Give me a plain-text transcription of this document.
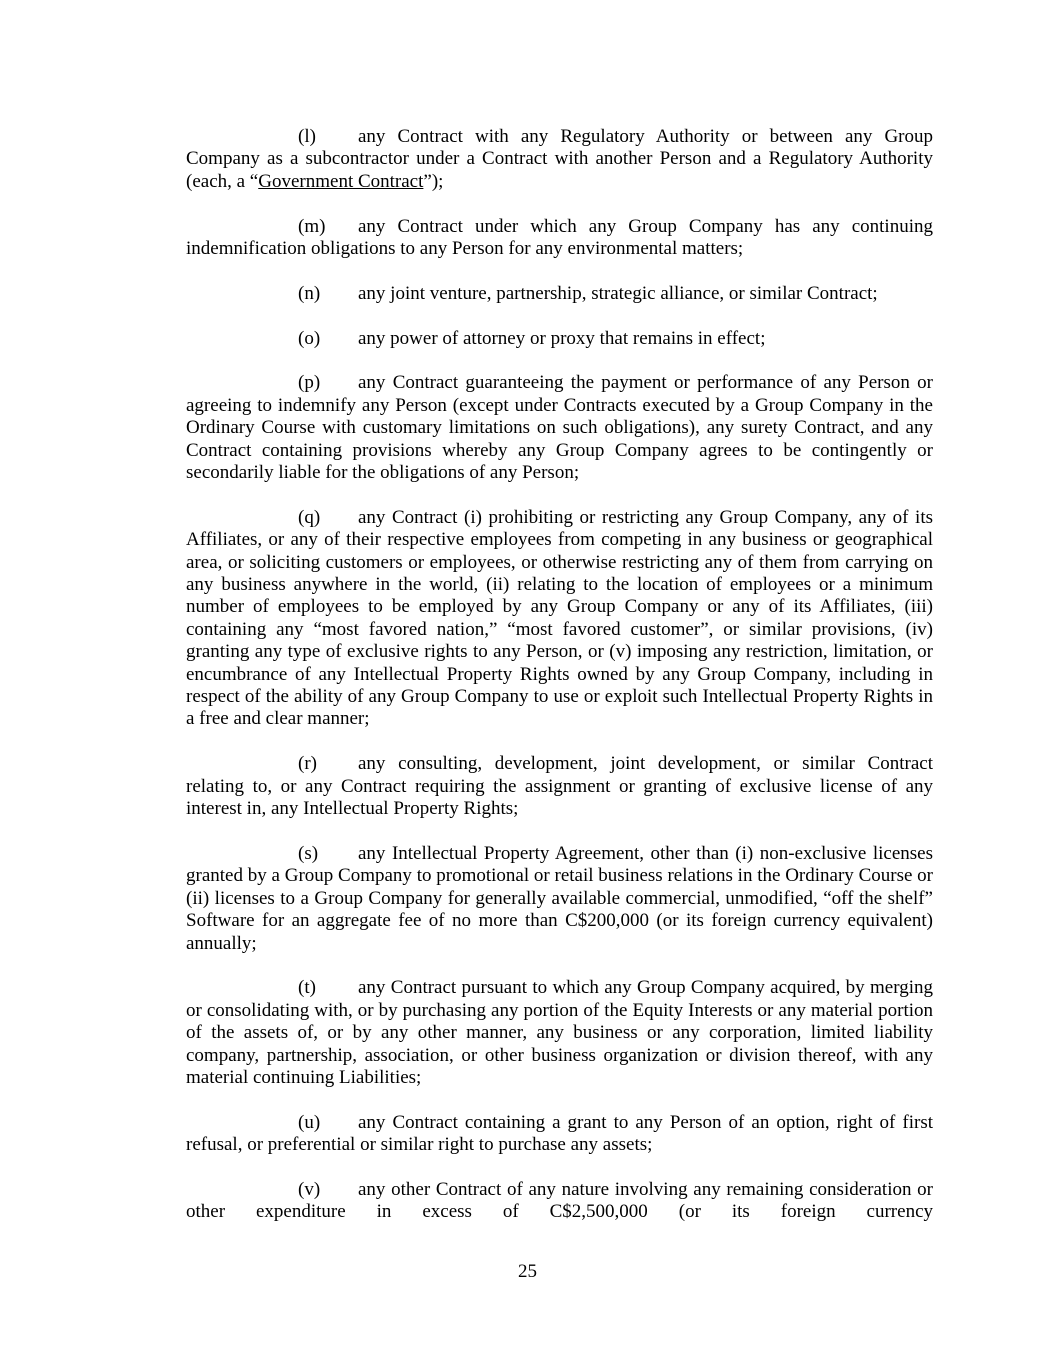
(l) any Contract with any Regulatory Authority or between any Group Company as a subcontractor under a Contract with another Person and a Regulatory Authority (each, a “Government Contract”);

(m) any Contract under which any Group Company has any continuing indemnification obligations to any Person for any environmental matters;

(n) any joint venture, partnership, strategic alliance, or similar Contract;

(o) any power of attorney or proxy that remains in effect;

(p) any Contract guaranteeing the payment or performance of any Person or agreeing to indemnify any Person (except under Contracts executed by a Group Company in the Ordinary Course with customary limitations on such obligations), any surety Contract, and any Contract containing provisions whereby any Group Company agrees to be contingently or secondarily liable for the obligations of any Person;

(q) any Contract (i) prohibiting or restricting any Group Company, any of its Affiliates, or any of their respective employees from competing in any business or geographical area, or soliciting customers or employees, or otherwise restricting any of them from carrying on any business anywhere in the world, (ii) relating to the location of employees or a minimum number of employees to be employed by any Group Company or any of its Affiliates, (iii) containing any “most favored nation,” “most favored customer”, or similar provisions, (iv) granting any type of exclusive rights to any Person, or (v) imposing any restriction, limitation, or encumbrance of any Intellectual Property Rights owned by any Group Company, including in respect of the ability of any Group Company to use or exploit such Intellectual Property Rights in a free and clear manner;

(r) any consulting, development, joint development, or similar Contract relating to, or any Contract requiring the assignment or granting of exclusive license of any interest in, any Intellectual Property Rights;

(s) any Intellectual Property Agreement, other than (i) non-exclusive licenses granted by a Group Company to promotional or retail business relations in the Ordinary Course or (ii) licenses to a Group Company for generally available commercial, unmodified, “off the shelf” Software for an aggregate fee of no more than C$200,000 (or its foreign currency equivalent) annually;

(t) any Contract pursuant to which any Group Company acquired, by merging or consolidating with, or by purchasing any portion of the Equity Interests or any material portion of the assets of, or by any other manner, any business or any corporation, limited liability company, partnership, association, or other business organization or division thereof, with any material continuing Liabilities;

(u) any Contract containing a grant to any Person of an option, right of first refusal, or preferential or similar right to purchase any assets;

(v) any other Contract of any nature involving any remaining consideration or other expenditure in excess of C$2,500,000 (or its foreign currency

25
